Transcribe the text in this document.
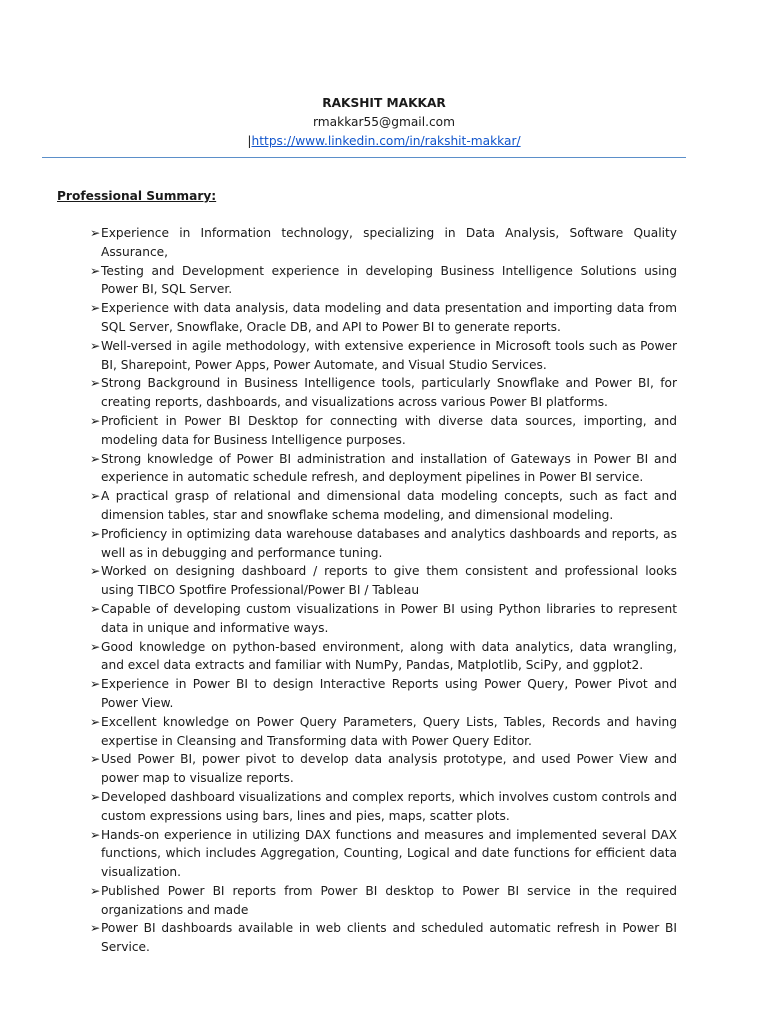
RAKSHIT MAKKAR
rmakkar55@gmail.com
|https://www.linkedin.com/in/rakshit-makkar/
Professional Summary:
➢Experience in Information technology, specializing in Data Analysis, Software Quality Assurance,
➢Testing and Development experience in developing Business Intelligence Solutions using Power BI, SQL Server.
➢Experience with data analysis, data modeling and data presentation and importing data from SQL Server, Snowflake, Oracle DB, and API to Power BI to generate reports.
➢Well-versed in agile methodology, with extensive experience in Microsoft tools such as Power BI, Sharepoint, Power Apps, Power Automate, and Visual Studio Services.
➢Strong Background in Business Intelligence tools, particularly Snowflake and Power BI, for creating reports, dashboards, and visualizations across various Power BI platforms.
➢Proficient in Power BI Desktop for connecting with diverse data sources, importing, and modeling data for Business Intelligence purposes.
➢Strong knowledge of Power BI administration and installation of Gateways in Power BI and experience in automatic schedule refresh, and deployment pipelines in Power BI service.
➢A practical grasp of relational and dimensional data modeling concepts, such as fact and dimension tables, star and snowflake schema modeling, and dimensional modeling.
➢Proficiency in optimizing data warehouse databases and analytics dashboards and reports, as well as in debugging and performance tuning.
➢Worked on designing dashboard / reports to give them consistent and professional looks using TIBCO Spotfire Professional/Power BI / Tableau
➢Capable of developing custom visualizations in Power BI using Python libraries to represent data in unique and informative ways.
➢Good knowledge on python-based environment, along with data analytics, data wrangling, and excel data extracts and familiar with NumPy, Pandas, Matplotlib, SciPy, and ggplot2.
➢Experience in Power BI to design Interactive Reports using Power Query, Power Pivot and Power View.
➢Excellent knowledge on Power Query Parameters, Query Lists, Tables, Records and having expertise in Cleansing and Transforming data with Power Query Editor.
➢Used Power BI, power pivot to develop data analysis prototype, and used Power View and power map to visualize reports.
➢Developed dashboard visualizations and complex reports, which involves custom controls and custom expressions using bars, lines and pies, maps, scatter plots.
➢Hands-on experience in utilizing DAX functions and measures and implemented several DAX functions, which includes Aggregation, Counting, Logical and date functions for efficient data visualization.
➢Published Power BI reports from Power BI desktop to Power BI service in the required organizations and made
➢Power BI dashboards available in web clients and scheduled automatic refresh in Power BI Service.
